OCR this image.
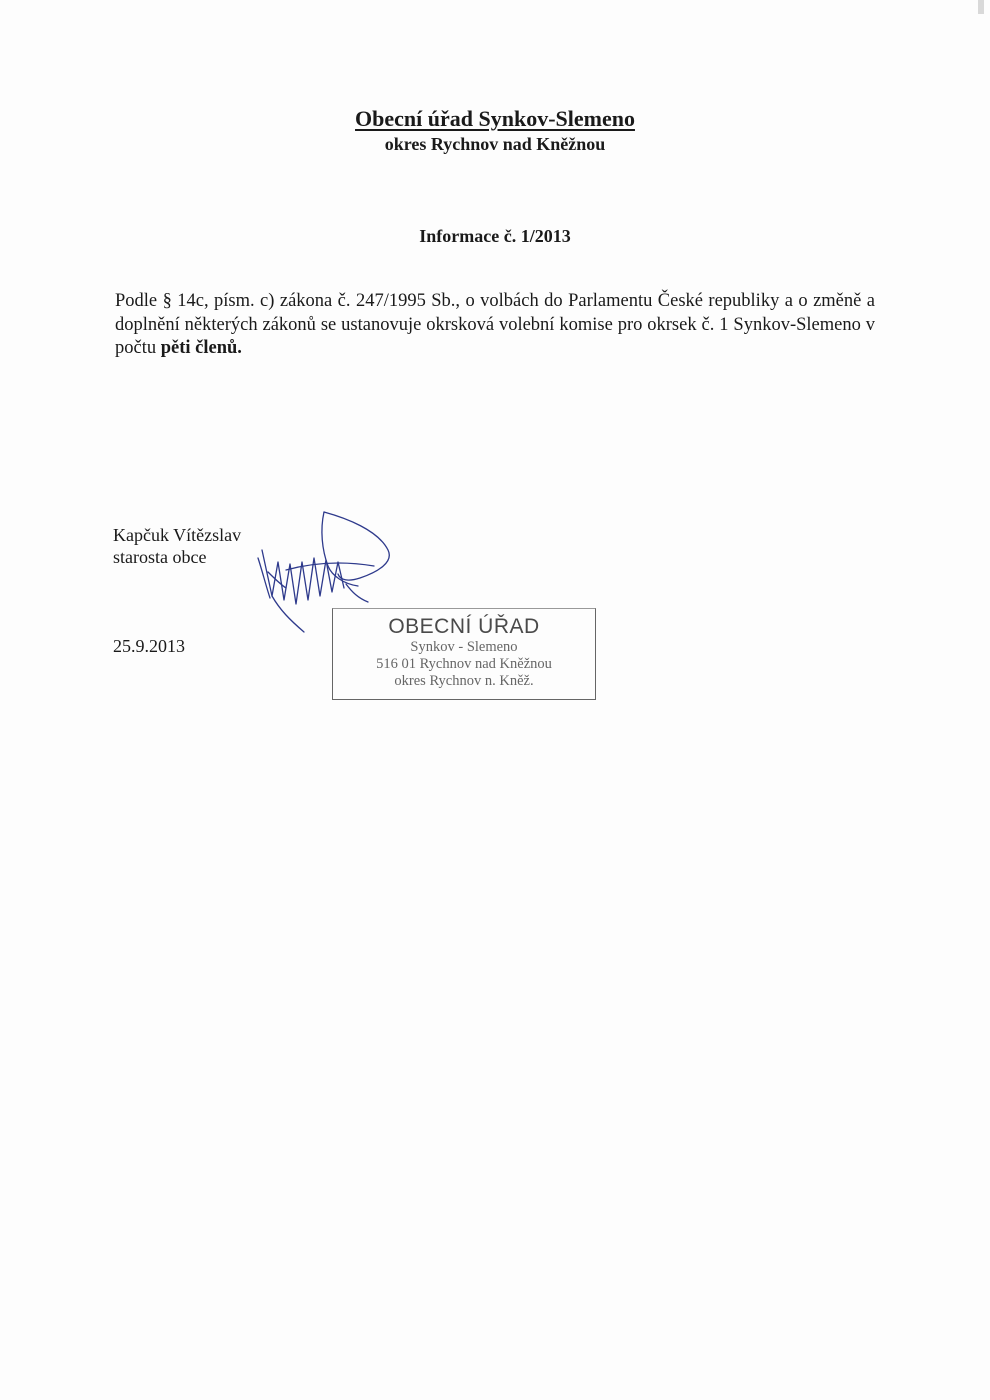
Obecní úřad Synkov-Slemeno
okres Rychnov nad Kněžnou
Informace č. 1/2013

Podle § 14c, písm. c) zákona č. 247/1995 Sb., o volbách do Parlamentu České republiky a o změně a doplnění některých zákonů se ustanovuje okrsková volební komise pro okrsek č. 1 Synkov-Slemeno v počtu pěti členů.

Kapčuk Vítězslav
starosta obce
25.9.2013
OBECNÍ ÚŘAD
Synkov - Slemeno
516 01 Rychnov nad Kněžnou
okres Rychnov n. Kněž.
